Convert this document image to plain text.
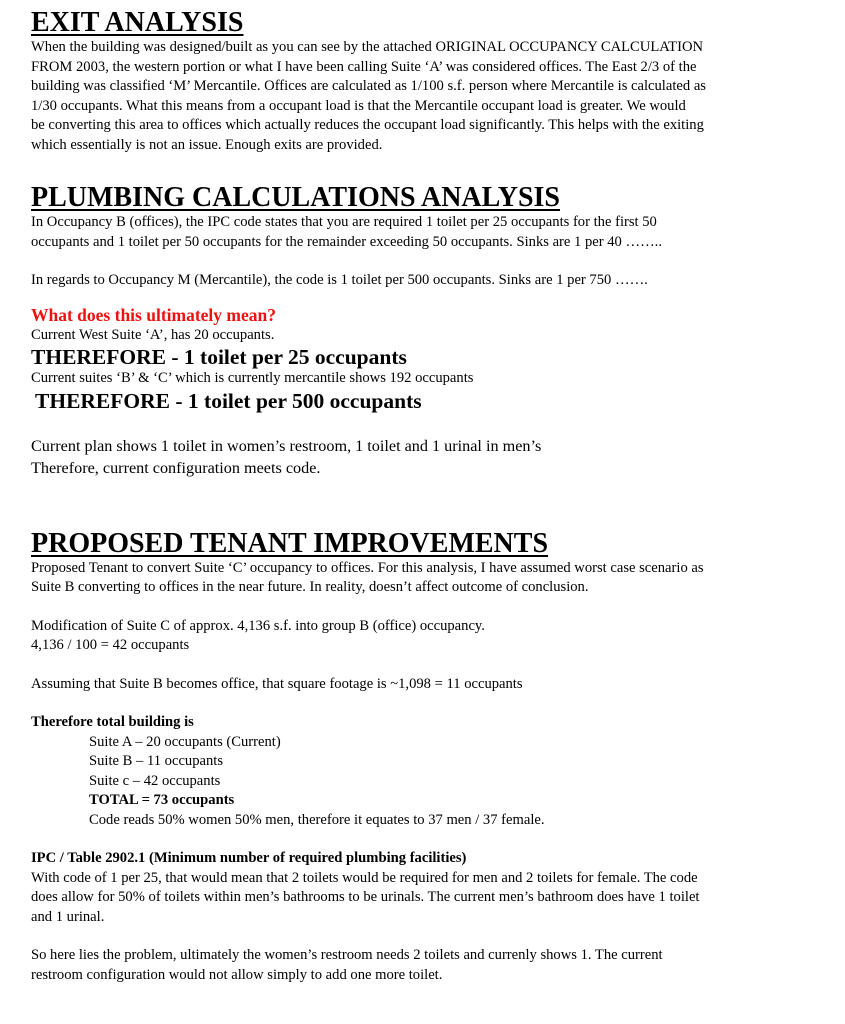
EXIT ANALYSIS

When the building was designed/built as you can see by the attached ORIGINAL OCCUPANCY CALCULATION

FROM 2003, the western portion or what I have been calling Suite ‘A’ was considered offices. The East 2/3 of the

building was classified ‘M’ Mercantile. Offices are calculated as 1/100 s.f. person where Mercantile is calculated as

1/30 occupants. What this means from a occupant load is that the Mercantile occupant load is greater. We would

be converting this area to offices which actually reduces the occupant load significantly. This helps with the exiting

which essentially is not an issue. Enough exits are provided.

PLUMBING CALCULATIONS ANALYSIS

In Occupancy B (offices), the IPC code states that you are required 1 toilet per 25 occupants for the first 50

occupants and 1 toilet per 50 occupants for the remainder exceeding 50 occupants. Sinks are 1 per 40 ……..

In regards to Occupancy M (Mercantile), the code is 1 toilet per 500 occupants. Sinks are 1 per 750 …….

What does this ultimately mean?

Current West Suite ‘A’, has 20 occupants.

THEREFORE - 1 toilet per 25 occupants

Current suites ‘B’ & ‘C’ which is currently mercantile shows 192 occupants

THEREFORE - 1 toilet per 500 occupants

Current plan shows 1 toilet in women’s restroom, 1 toilet and 1 urinal in men’s

Therefore, current configuration meets code.

PROPOSED TENANT IMPROVEMENTS

Proposed Tenant to convert Suite ‘C’ occupancy to offices. For this analysis, I have assumed worst case scenario as

Suite B converting to offices in the near future. In reality, doesn’t affect outcome of conclusion.

Modification of Suite C of approx. 4,136 s.f. into group B (office) occupancy.

4,136 / 100 = 42 occupants

Assuming that Suite B becomes office, that square footage is ~1,098 = 11 occupants

Therefore total building is

Suite A – 20 occupants (Current)

Suite B – 11 occupants

Suite c – 42 occupants

TOTAL = 73 occupants

Code reads 50% women 50% men, therefore it equates to 37 men / 37 female.

IPC / Table 2902.1 (Minimum number of required plumbing facilities)

With code of 1 per 25, that would mean that 2 toilets would be required for men and 2 toilets for female. The code

does allow for 50% of toilets within men’s bathrooms to be urinals. The current men’s bathroom does have 1 toilet

and 1 urinal.

So here lies the problem, ultimately the women’s restroom needs 2 toilets and currenly shows 1. The current

restroom configuration would not allow simply to add one more toilet.
